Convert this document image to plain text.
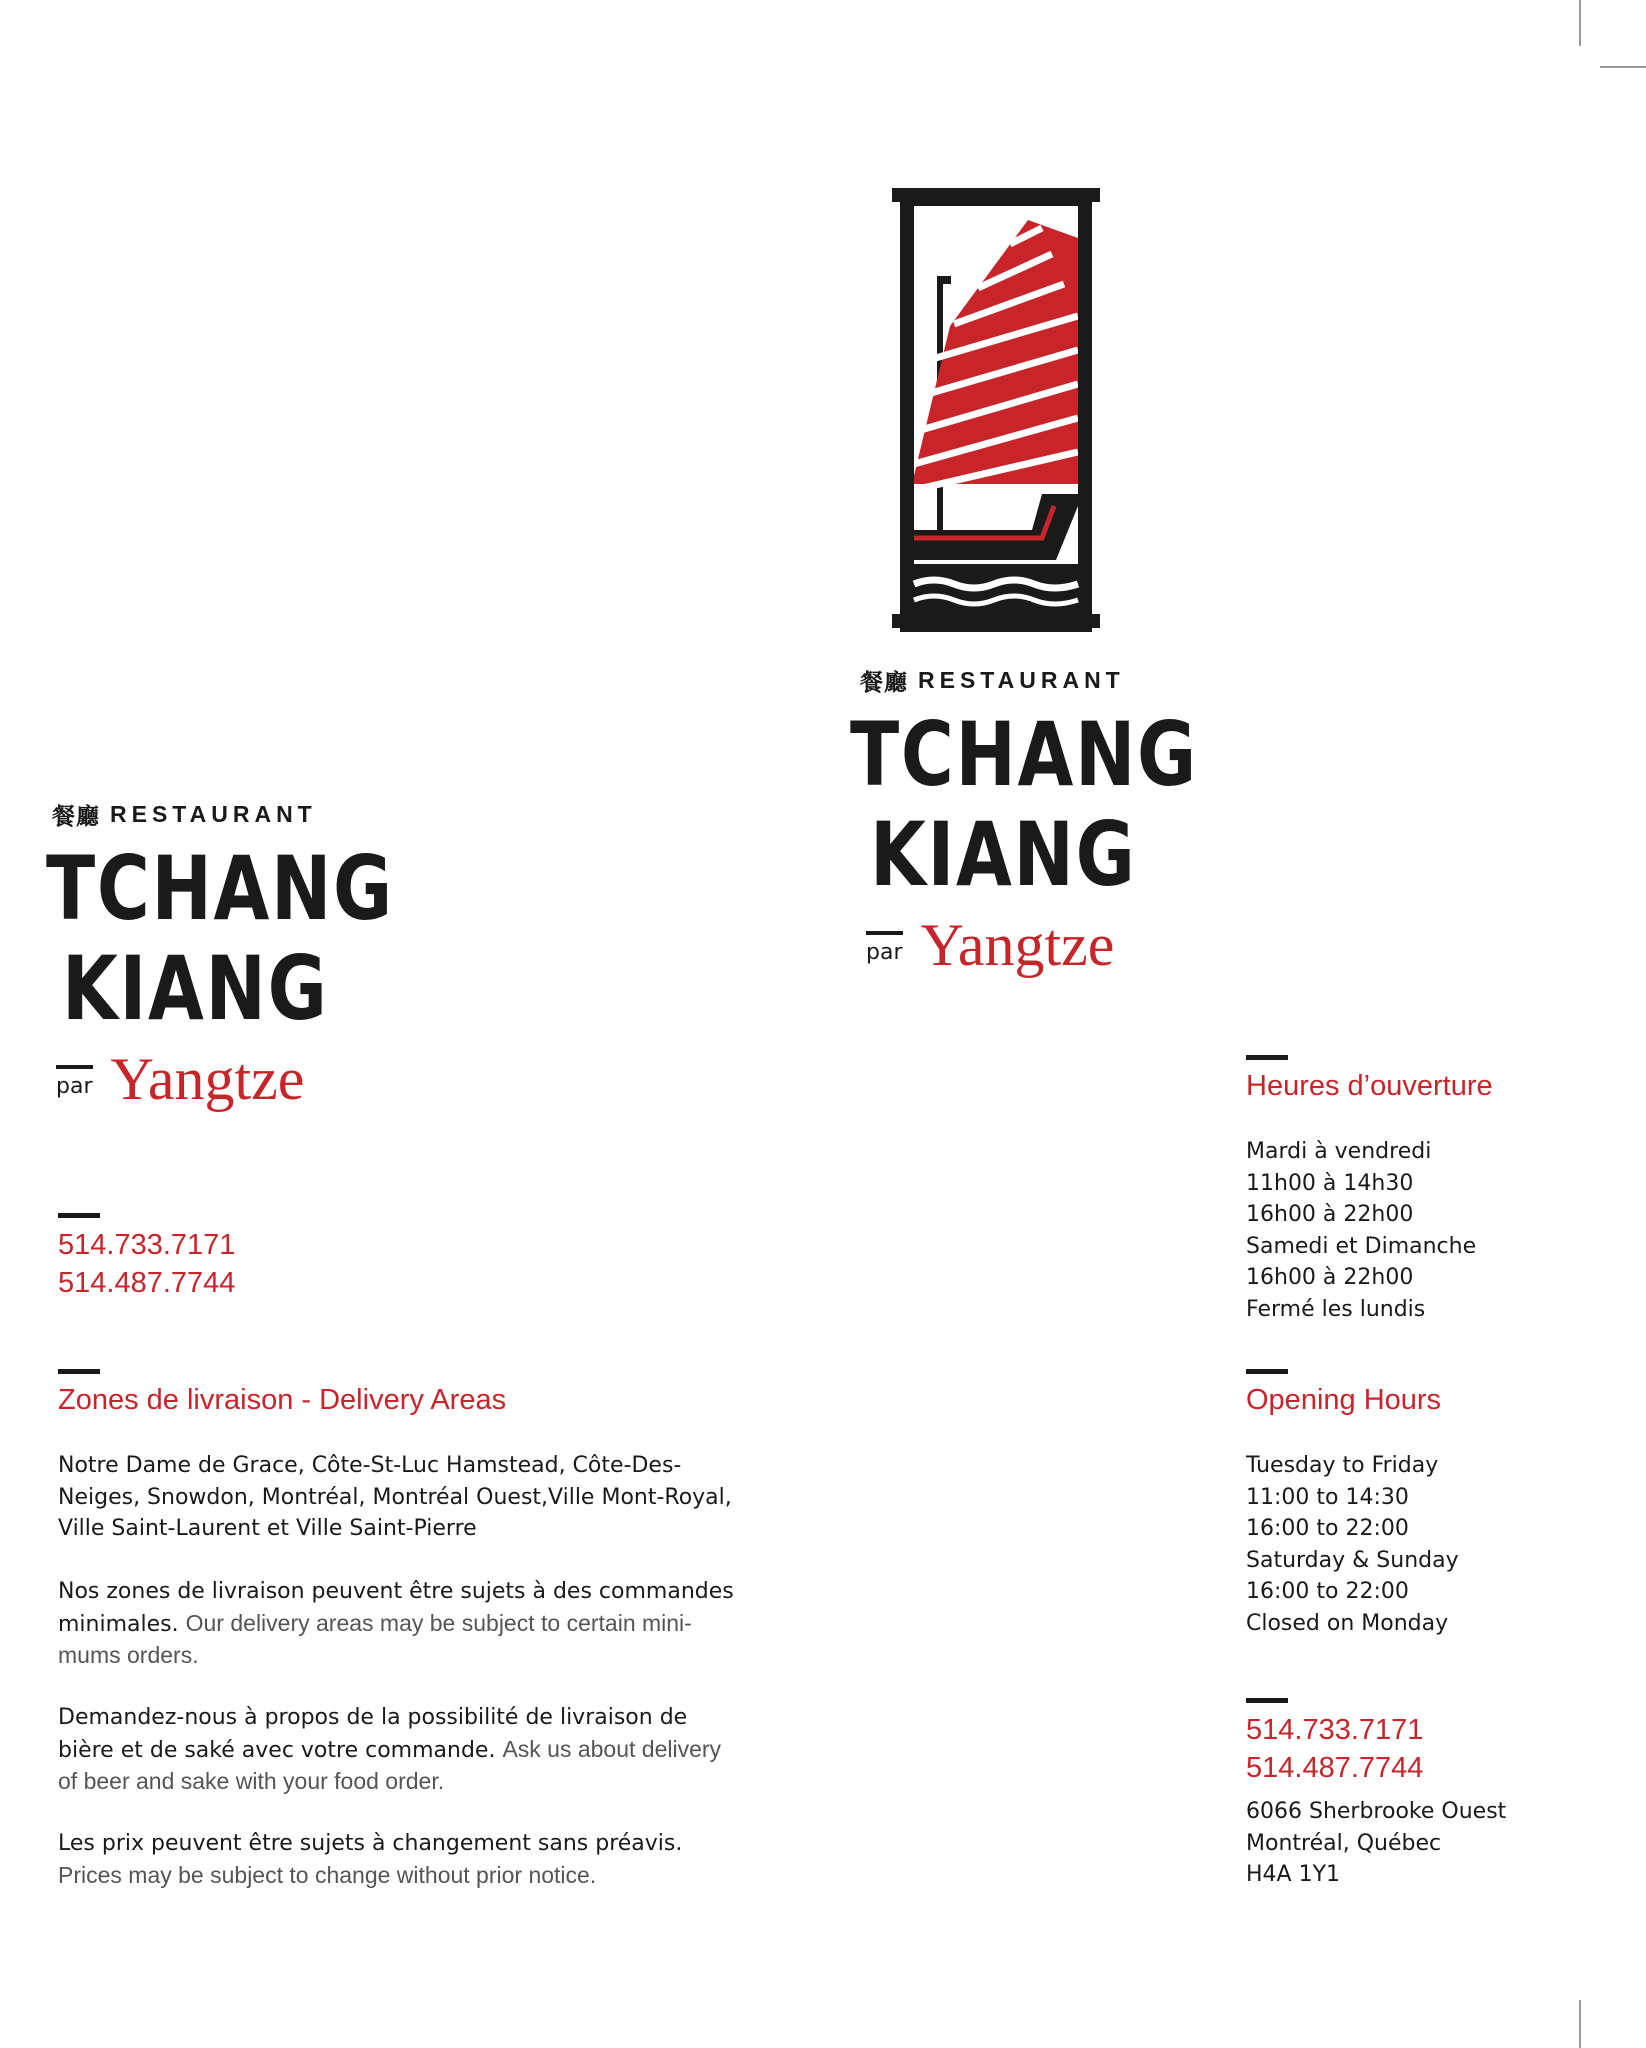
餐廳 RESTAURANT
TCHANG
KIANG
par Yangtze
餐廳 RESTAURANT
TCHANG
KIANG
par Yangtze
514.733.7171
514.487.7744
Zones de livraison - Delivery Areas
Notre Dame de Grace, Côte-St-Luc Hamstead, Côte-Des-
Neiges, Snowdon, Montréal, Montréal Ouest,Ville Mont-Royal,
Ville Saint-Laurent et Ville Saint-Pierre
Nos zones de livraison peuvent être sujets à des commandes
minimales. Our delivery areas may be subject to certain mini-
mums orders.
Demandez-nous à propos de la possibilité de livraison de
bière et de saké avec votre commande. Ask us about delivery
of beer and sake with your food order.
Les prix peuvent être sujets à changement sans préavis.
Prices may be subject to change without prior notice.
Heures d’ouverture
Mardi à vendredi
11h00 à 14h30
16h00 à 22h00
Samedi et Dimanche
16h00 à 22h00
Fermé les lundis
Opening Hours
Tuesday to Friday
11:00 to 14:30
16:00 to 22:00
Saturday & Sunday
16:00 to 22:00
Closed on Monday
514.733.7171
514.487.7744
6066 Sherbrooke Ouest
Montréal, Québec
H4A 1Y1
